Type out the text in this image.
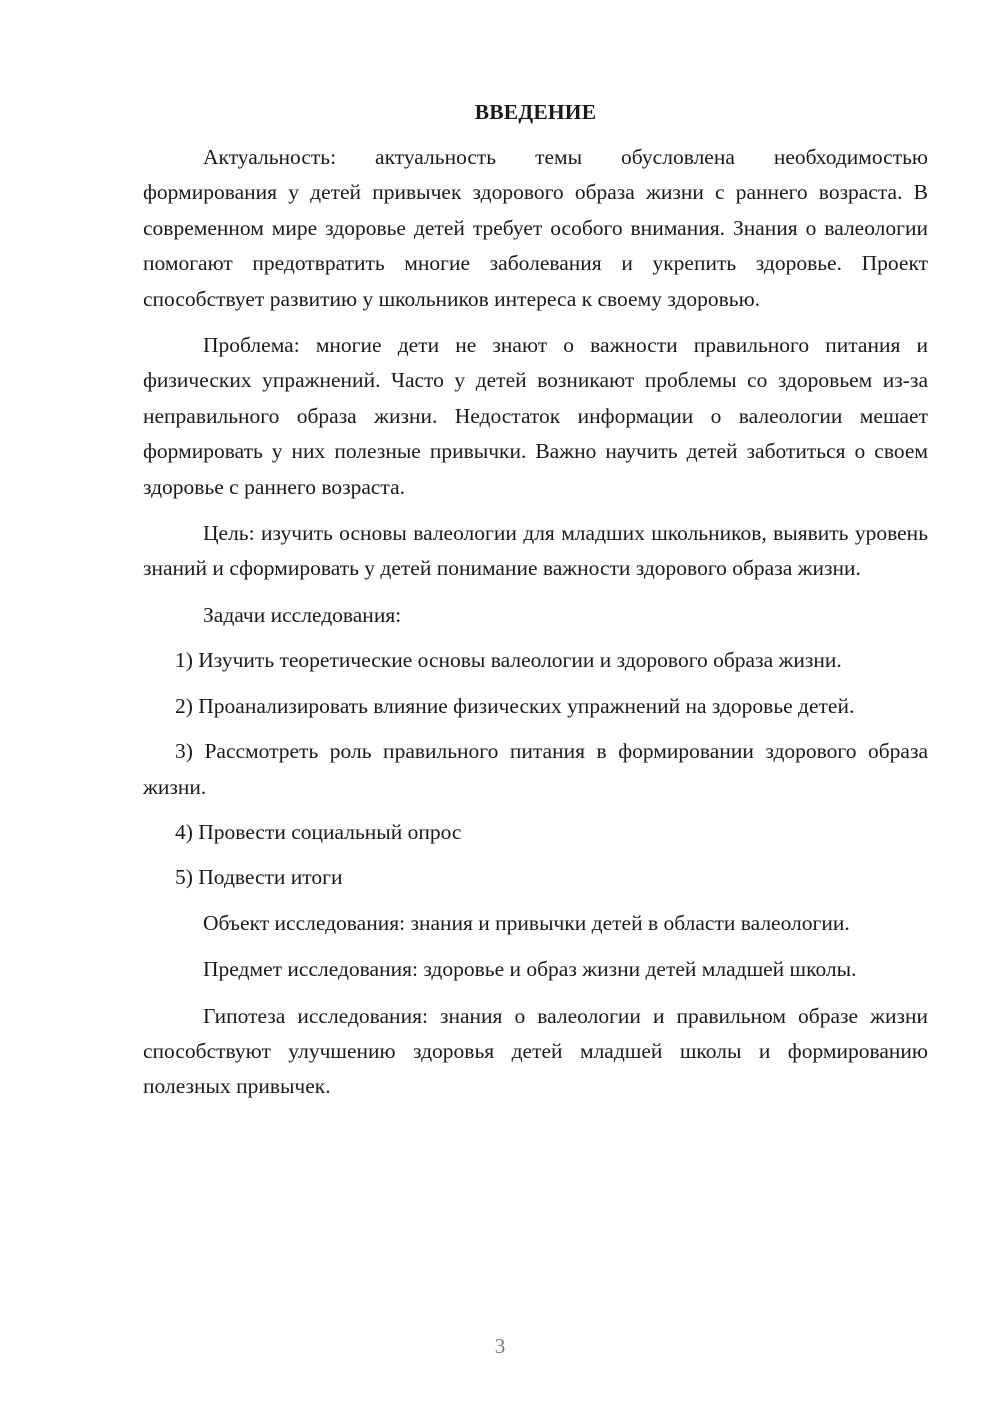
ВВЕДЕНИЕ

Актуальность: актуальность темы обусловлена необходимостью формирования у детей привычек здорового образа жизни с раннего возраста. В современном мире здоровье детей требует особого внимания. Знания о валеологии помогают предотвратить многие заболевания и укрепить здоровье. Проект способствует развитию у школьников интереса к своему здоровью.

Проблема: многие дети не знают о важности правильного питания и физических упражнений. Часто у детей возникают проблемы со здоровьем из-за неправильного образа жизни. Недостаток информации о валеологии мешает формировать у них полезные привычки. Важно научить детей заботиться о своем здоровье с раннего возраста.

Цель: изучить основы валеологии для младших школьников, выявить уровень знаний и сформировать у детей понимание важности здорового образа жизни.

Задачи исследования:

1) Изучить теоретические основы валеологии и здорового образа жизни.

2) Проанализировать влияние физических упражнений на здоровье детей.

3) Рассмотреть роль правильного питания в формировании здорового образа жизни.

4) Провести социальный опрос

5) Подвести итоги

Объект исследования: знания и привычки детей в области валеологии.

Предмет исследования: здоровье и образ жизни детей младшей школы.

Гипотеза исследования: знания о валеологии и правильном образе жизни способствуют улучшению здоровья детей младшей школы и формированию полезных привычек.

3
